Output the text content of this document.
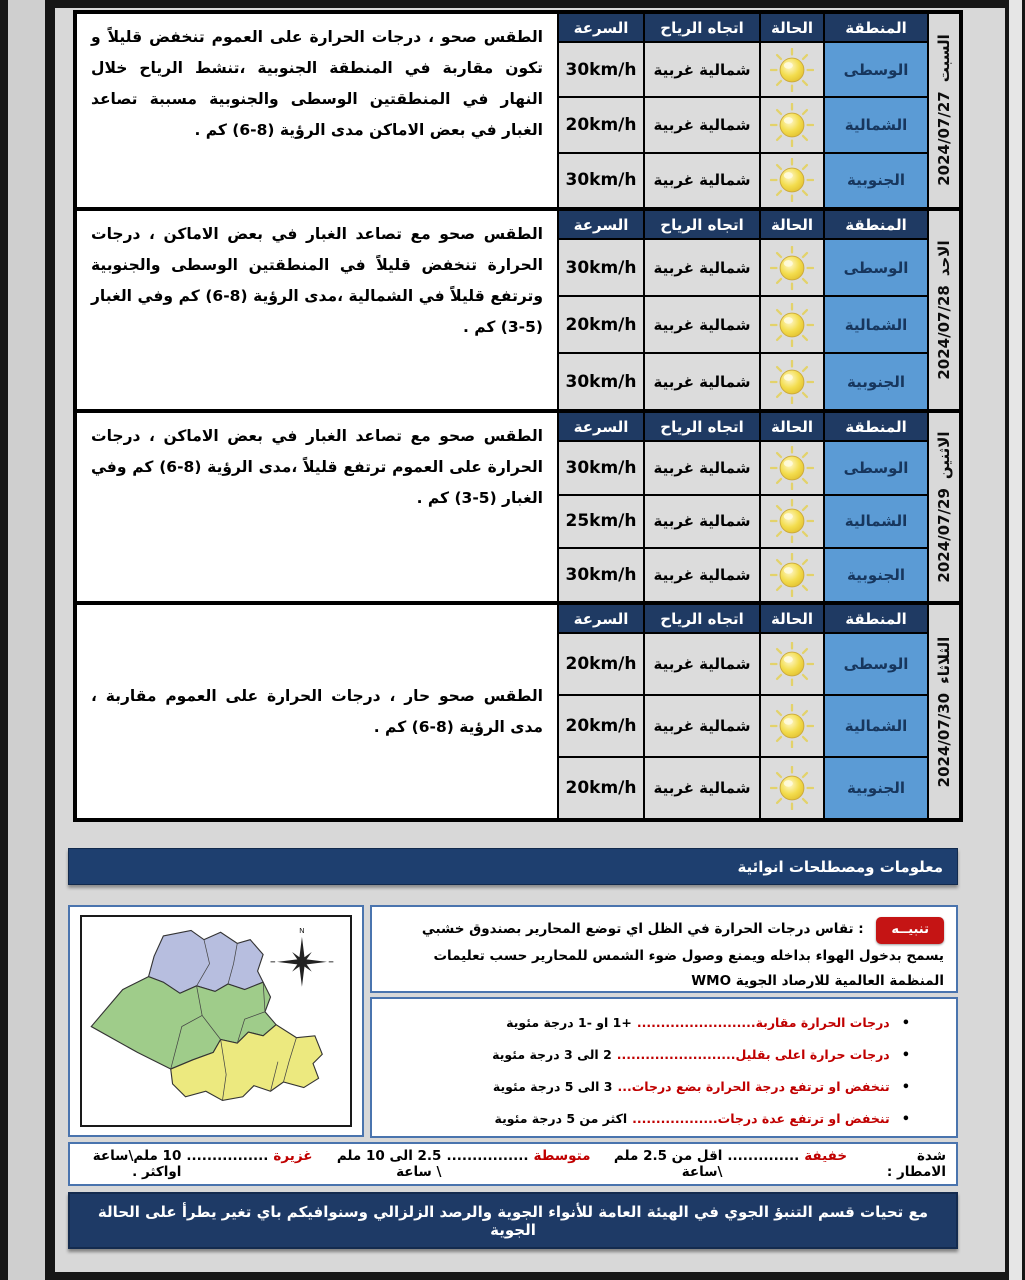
السبت
2024/07/27
المنطقة
الحالة
اتجاه الرياح
السرعة
الوسطى
شمالية غربية
30km/h
الشمالية
شمالية غربية
20km/h
الجنوبية
شمالية غربية
30km/h
الطقس صحو ، درجات الحرارة على العموم تنخفض قليلاً و تكون مقاربة في المنطقة الجنوبية ،تنشط الرياح خلال النهار في المنطقتين الوسطى والجنوبية مسببة تصاعد الغبار في بعض الاماكن مدى الرؤية (8-6) كم .
الاحد
2024/07/28
المنطقة
الحالة
اتجاه الرياح
السرعة
الوسطى
شمالية غربية
30km/h
الشمالية
شمالية غربية
20km/h
الجنوبية
شمالية غربية
30km/h
الطقس صحو مع تصاعد الغبار في بعض الاماكن ، درجات الحرارة تنخفض قليلاً في المنطقتين الوسطى والجنوبية وترتفع قليلاً في الشمالية ،مدى الرؤية (8-6) كم وفي الغبار (5-3) كم .
الاثنين
2024/07/29
المنطقة
الحالة
اتجاه الرياح
السرعة
الوسطى
شمالية غربية
30km/h
الشمالية
شمالية غربية
25km/h
الجنوبية
شمالية غربية
30km/h
الطقس صحو مع تصاعد الغبار في بعض الاماكن ، درجات الحرارة على العموم ترتفع قليلاً ،مدى الرؤية (8-6) كم وفي الغبار (5-3) كم .
الثلاثاء
2024/07/30
المنطقة
الحالة
اتجاه الرياح
السرعة
الوسطى
شمالية غربية
20km/h
الشمالية
شمالية غربية
20km/h
الجنوبية
شمالية غربية
20km/h
الطقس صحو حار ، درجات الحرارة على العموم مقاربة ، مدى الرؤية (8-6) كم .
معلومات ومصطلحات انوائية
N	تنبيــه : تقاس درجات الحرارة في الظل اي توضع المحارير بصندوق خشبي يسمح بدخول الهواء بداخله ويمنع وصول ضوء الشمس للمحارير حسب تعليمات المنظمة العالمية للارصاد الجوية WMO
•
درجات الحرارة مقاربة
.........................
+1 او -1 درجة مئوية
•
درجات حرارة اعلى بقليل
.........................
2 الى 3 درجة مئوية
•
تنخفض او ترتفع درجة الحرارة بضع درجات
...
3 الى 5 درجة مئوية
•
تنخفض او ترتفع عدة درجات
..................
اكثر من 5 درجة مئوية
شدة الامطار :
خفيفة
..............
اقل من 2.5 ملم \ساعة
متوسطة
................
2.5 الى 10 ملم \ ساعة
غزيرة
................
10 ملم\ساعة اواكثر .
مع تحيات قسم التنبؤ الجوي في الهيئة العامة للأنواء الجوية والرصد الزلزالي وسنوافيكم باي تغير يطرأ على الحالة الجوية
